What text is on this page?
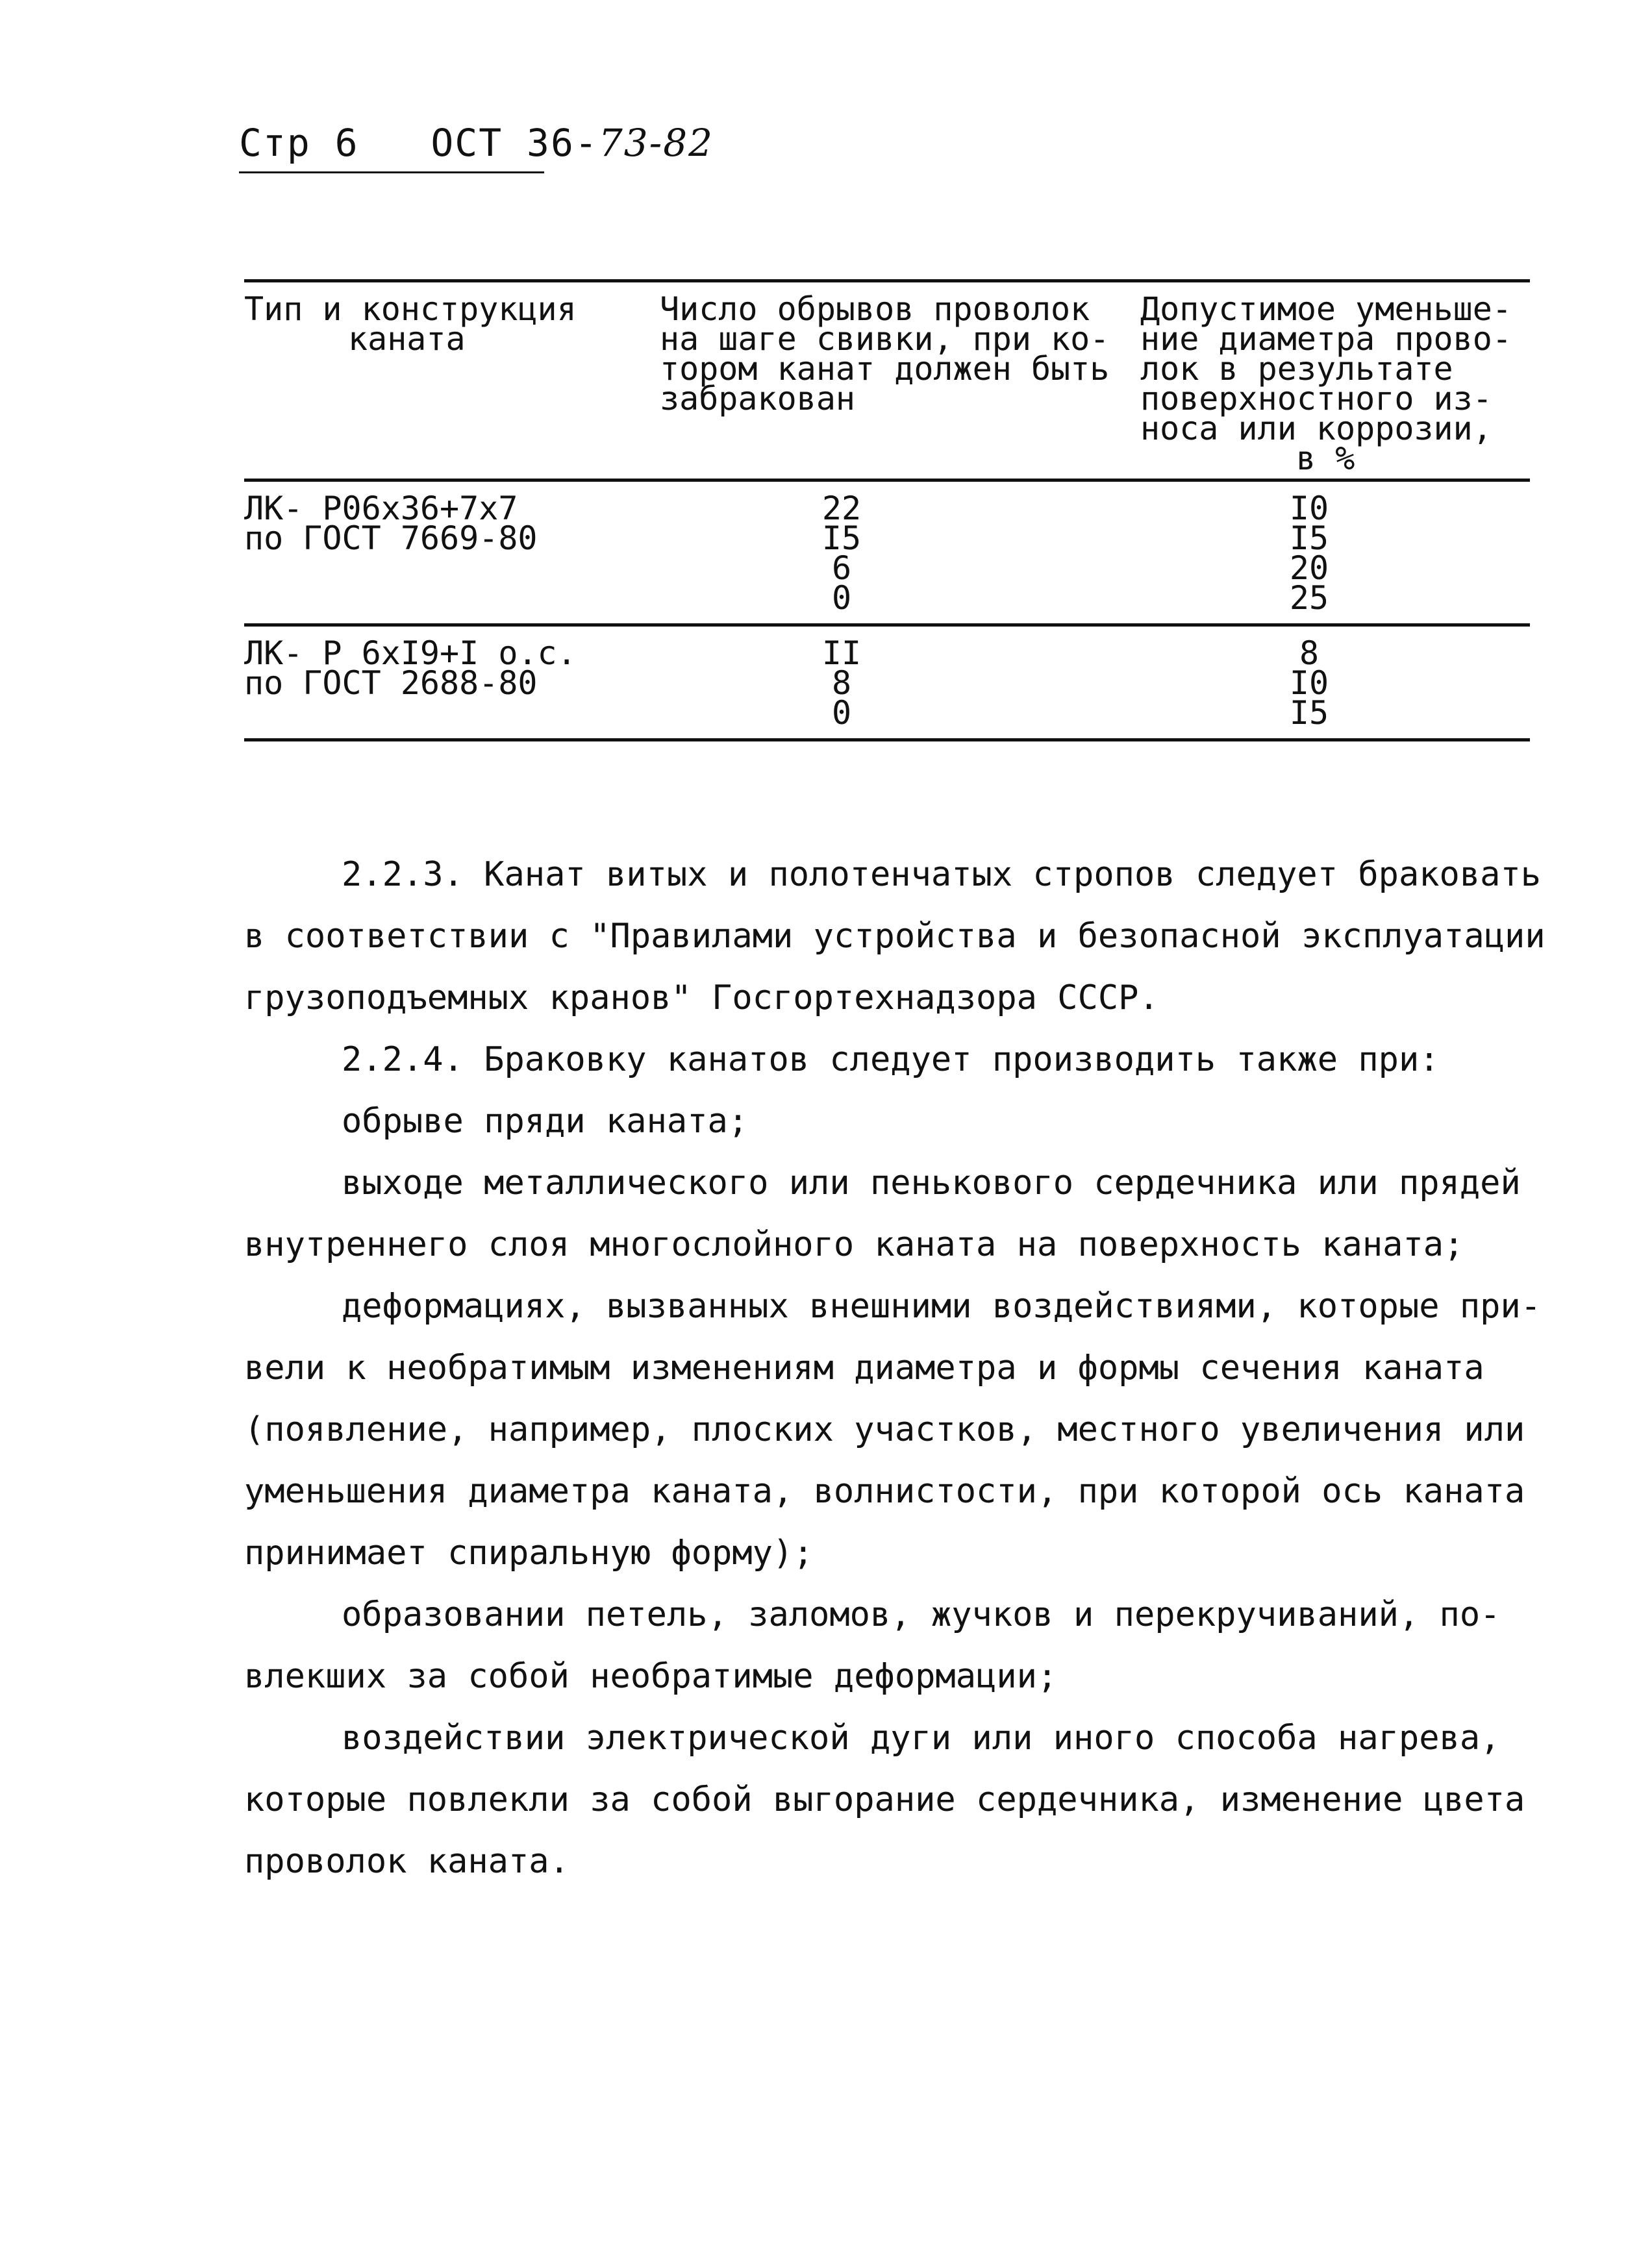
Стр 6 ОСТ 36-73-82
Тип и конструкция
каната
Число обрывов проволок
на шаге свивки, при ко-
тором канат должен быть
забракован
Допустимое уменьше-
ние диаметра прово-
лок в результате
поверхностного из-
носа или коррозии,
в %
ЛК- Р06х36+7х7
по ГОСТ 7669-80
22
I5
6
0
I0
I5
20
25
ЛК- Р 6хI9+I о.с.
по ГОСТ 2688-80
II
8
0
8
I0
I5

2.2.3. Канат витых и полотенчатых стропов следует браковать

в соответствии с "Правилами устройства и безопасной эксплуатации

грузоподъемных кранов" Госгортехнадзора СССР.

2.2.4. Браковку канатов следует производить также при:

обрыве пряди каната;

выходе металлического или пенькового сердечника или прядей

внутреннего слоя многослойного каната на поверхность каната;

деформациях, вызванных внешними воздействиями, которые при-

вели к необратимым изменениям диаметра и формы сечения каната

(появление, например, плоских участков, местного увеличения или

уменьшения диаметра каната, волнистости, при которой ось каната

принимает спиральную форму);

образовании петель, заломов, жучков и перекручиваний, по-

влекших за собой необратимые деформации;

воздействии электрической дуги или иного способа нагрева,

которые повлекли за собой выгорание сердечника, изменение цвета

проволок каната.
